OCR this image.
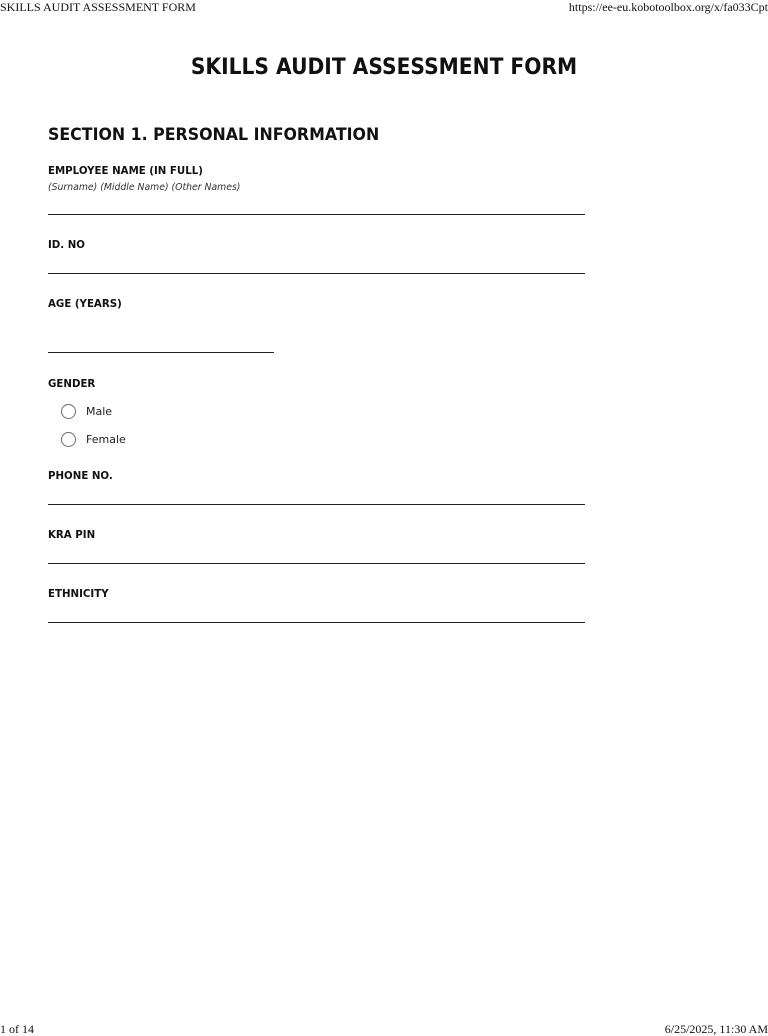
SKILLS AUDIT ASSESSMENT FORM	https://ee-eu.kobotoolbox.org/x/fa033Cpt
SKILLS AUDIT ASSESSMENT FORM
SECTION 1. PERSONAL INFORMATION
EMPLOYEE NAME (IN FULL)
(Surname) (Middle Name) (Other Names)
ID. NO
AGE (YEARS)
GENDER
Male
Female
PHONE NO.
KRA PIN
ETHNICITY
1 of 14	6/25/2025, 11:30 AM
